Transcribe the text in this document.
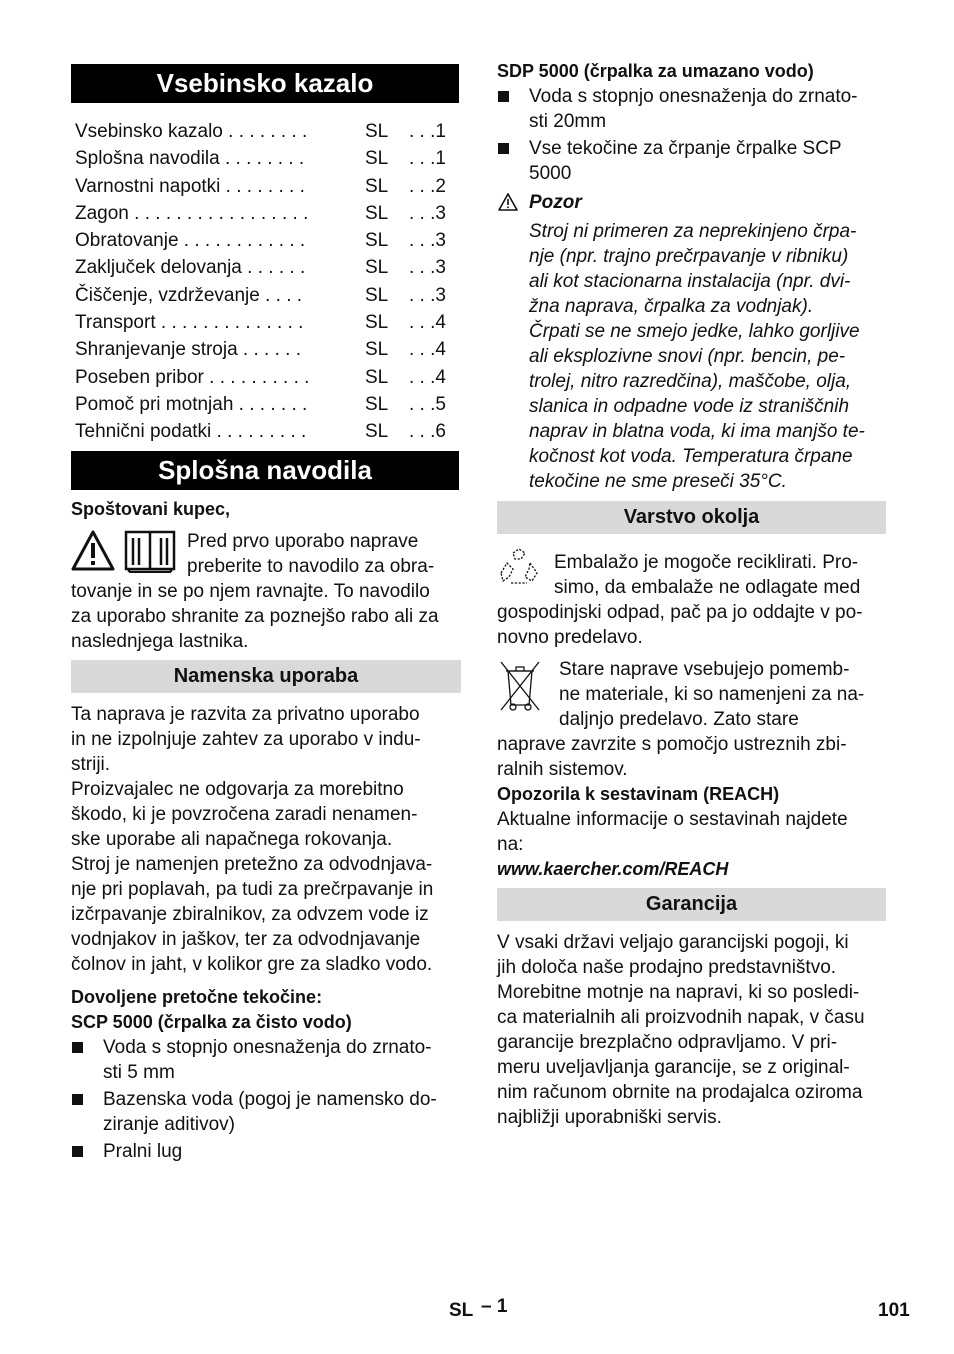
Vsebinsko kazalo
Vsebinsko kazalo . . . . . . . .	SL . . .1
Splošna navodila . . . . . . . .	SL . . .1
Varnostni napotki . . . . . . . .	SL . . .2
Zagon . . . . . . . . . . . . . . . . .	SL . . .3
Obratovanje . . . . . . . . . . . .	SL . . .3
Zaključek delovanja . . . . . .	SL . . .3
Čiščenje, vzdrževanje . . . .	SL . . .3
Transport . . . . . . . . . . . . . .	SL . . .4
Shranjevanje stroja . . . . . .	SL . . .4
Poseben pribor . . . . . . . . . .	SL . . .4
Pomoč pri motnjah . . . . . . .	SL . . .5
Tehnični podatki . . . . . . . . .	SL . . .6
Splošna navodila
Spoštovani kupec,
Pred prvo uporabo naprave
preberite to navodilo za obra-
tovanje in se po njem ravnajte. To navodilo
za uporabo shranite za poznejšo rabo ali za
naslednjega lastnika.
Namenska uporaba
Ta naprava je razvita za privatno uporabo
in ne izpolnjuje zahtev za uporabo v indu-
striji.
Proizvajalec ne odgovarja za morebitno
škodo, ki je povzročena zaradi nenamen-
ske uporabe ali napačnega rokovanja.
Stroj je namenjen pretežno za odvodnjava-
nje pri poplavah, pa tudi za prečrpavanje in
izčrpavanje zbiralnikov, za odvzem vode iz
vodnjakov in jaškov, ter za odvodnjavanje
čolnov in jaht, v kolikor gre za sladko vodo.
Dovoljene pretočne tekočine:
SCP 5000 (črpalka za čisto vodo)
Voda s stopnjo onesnaženja do zrnato-
sti 5 mm
Bazenska voda (pogoj je namensko do-
ziranje aditivov)
Pralni lug
SDP 5000 (črpalka za umazano vodo)
Voda s stopnjo onesnaženja do zrnato-
sti 20mm
Vse tekočine za črpanje črpalke SCP
5000
Pozor
Stroj ni primeren za neprekinjeno črpa-
nje (npr. trajno prečrpavanje v ribniku)
ali kot stacionarna instalacija (npr. dvi-
žna naprava, črpalka za vodnjak).
Črpati se ne smejo jedke, lahko gorljive
ali eksplozivne snovi (npr. bencin, pe-
trolej, nitro razredčina), maščobe, olja,
slanica in odpadne vode iz straniščnih
naprav in blatna voda, ki ima manjšo te-
kočnost kot voda. Temperatura črpane
tekočine ne sme preseči 35°C.
Varstvo okolja
Embalažo je mogoče reciklirati. Pro-
simo, da embalaže ne odlagate med
gospodinjski odpad, pač pa jo oddajte v po-
novno predelavo.
Stare naprave vsebujejo pomemb-
ne materiale, ki so namenjeni za na-
daljnjo predelavo. Zato stare
naprave zavrzite s pomočjo ustreznih zbi-
ralnih sistemov.
Opozorila k sestavinam (REACH)
Aktualne informacije o sestavinah najdete
na:
www.kaercher.com/REACH
Garancija
V vsaki državi veljajo garancijski pogoji, ki
jih določa naše prodajno predstavništvo.
Morebitne motnje na napravi, ki so posledi-
ca materialnih ali proizvodnih napak, v času
garancije brezplačno odpravljamo. V pri-
meru uveljavljanja garancije, se z original-
nim računom obrnite na prodajalca oziroma
najbližji uporabniški servis.
SL – 1	101
